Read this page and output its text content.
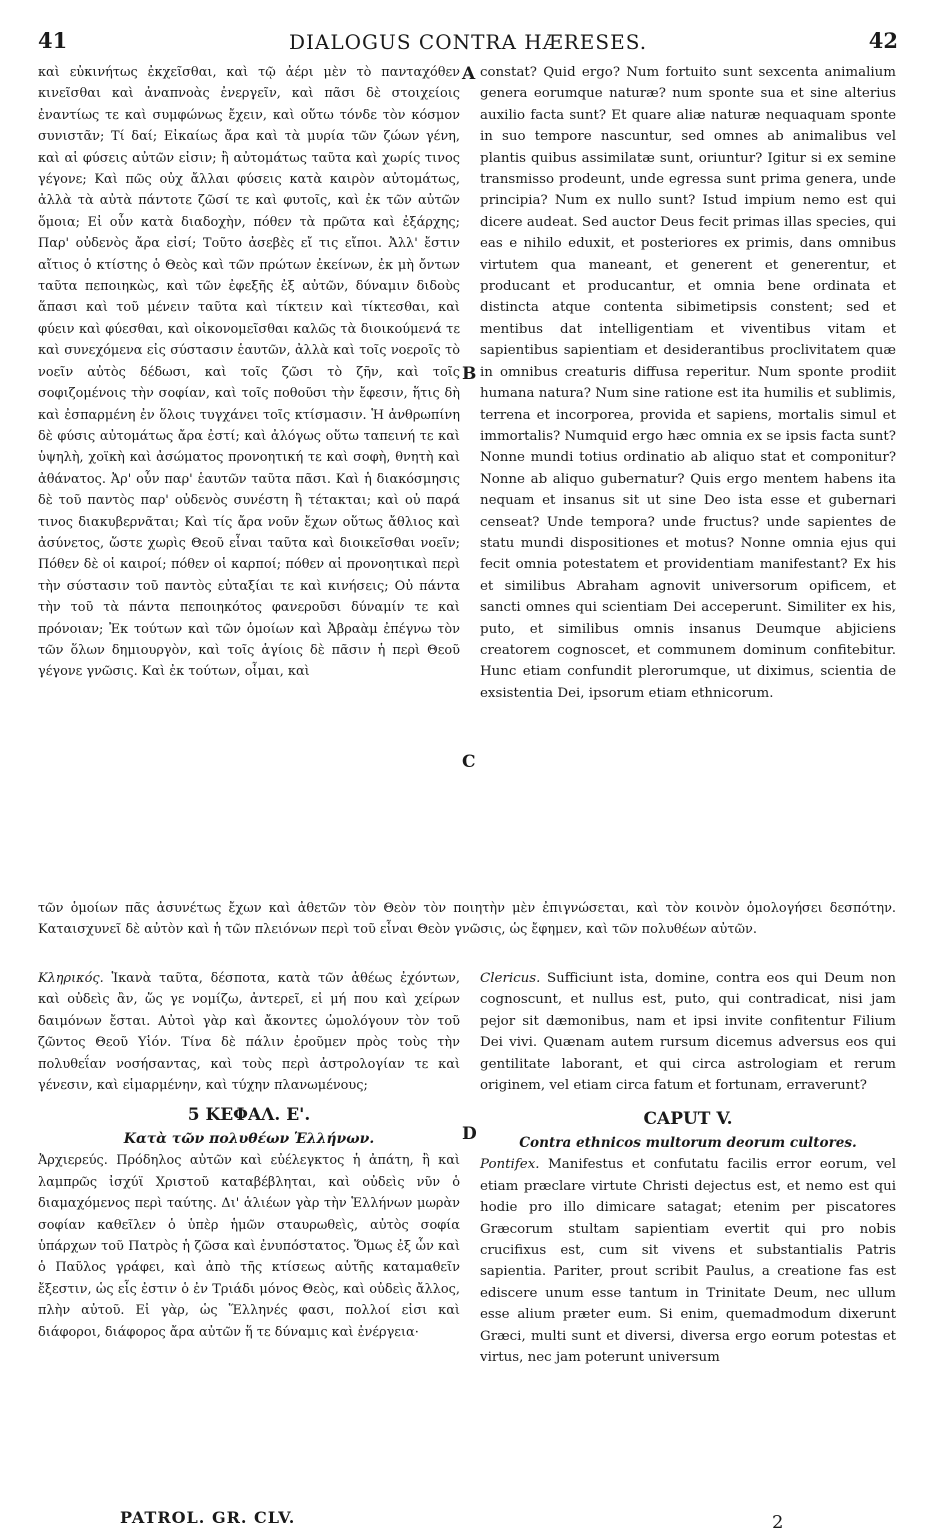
41	DIALOGUS CONTRA HÆRESES.	42

καὶ εὐκινήτως ἐκχεῖσθαι, καὶ τῷ ἀέρι μὲν τὸ πανταχόθεν κινεῖσθαι καὶ ἀναπνοὰς ἐνεργεῖν, καὶ πᾶσι δὲ στοιχείοις ἐναντίως τε καὶ συμφώνως ἔχειν, καὶ οὕτω τόνδε τὸν κόσμον συνιστᾶν; Τί δαί; Εἰκαίως ἄρα καὶ τὰ μυρία τῶν ζώων γένη, καὶ αἱ φύσεις αὐτῶν εἰσιν; ἢ αὐτομάτως ταῦτα καὶ χωρίς τινος γέγονε; Καὶ πῶς οὐχ ἄλλαι φύσεις κατὰ καιρὸν αὐτομάτως, ἀλλὰ τὰ αὐτὰ πάντοτε ζῶσί τε καὶ φυτοῖς, καὶ ἐκ τῶν αὐτῶν ὅμοια; Εἰ οὖν κατὰ διαδοχὴν, πόθεν τὰ πρῶτα καὶ ἐξάρχης; Παρ' οὐδενὸς ἄρα εἰσί; Τοῦτο ἀσεβὲς εἴ τις εἴποι. Ἀλλ' ἔστιν αἴτιος ὁ κτίστης ὁ Θεὸς καὶ τῶν πρώτων ἐκείνων, ἐκ μὴ ὄντων ταῦτα πεποιηκὼς, καὶ τῶν ἐφεξῆς ἐξ αὐτῶν, δύναμιν διδοὺς ἅπασι καὶ τοῦ μένειν ταῦτα καὶ τίκτειν καὶ τίκτεσθαι, καὶ φύειν καὶ φύεσθαι, καὶ οἰκονομεῖσθαι καλῶς τὰ διοικούμενά τε καὶ συνεχόμενα εἰς σύστασιν ἑαυτῶν, ἀλλὰ καὶ τοῖς νοεροῖς τὸ νοεῖν αὐτὸς δέδωσι, καὶ τοῖς ζῶσι τὸ ζῆν, καὶ τοῖς σοφιζομένοις τὴν σοφίαν, καὶ τοῖς ποθοῦσι τὴν ἔφεσιν, ἥτις δὴ καὶ ἐσπαρμένη ἐν ὅλοις τυγχάνει τοῖς κτίσμασιν. Ἡ ἀνθρωπίνη δὲ φύσις αὐτομάτως ἄρα ἐστί; καὶ ἀλόγως οὕτω ταπεινή τε καὶ ὑψηλὴ, χοϊκὴ καὶ ἀσώματος προνοητική τε καὶ σοφὴ, θνητὴ καὶ ἀθάνατος. Ἀρ' οὖν παρ' ἑαυτῶν ταῦτα πᾶσι. Καὶ ἡ διακόσμησις δὲ τοῦ παντὸς παρ' οὐδενὸς συνέστη ἢ τέτακται; καὶ οὐ παρά τινος διακυβερνᾶται; Καὶ τίς ἄρα νοῦν ἔχων οὕτως ἄθλιος καὶ ἀσύνετος, ὥστε χωρὶς Θεοῦ εἶναι ταῦτα καὶ διοικεῖσθαι νοεῖν; Πόθεν δὲ οἱ καιροί; πόθεν οἱ καρποί; πόθεν αἱ προνοητικαὶ περὶ τὴν σύστασιν τοῦ παντὸς εὐταξίαι τε καὶ κινήσεις; Οὐ πάντα τὴν τοῦ τὰ πάντα πεποιηκότος φανεροῦσι δύναμίν τε καὶ πρόνοιαν; Ἐκ τούτων καὶ τῶν ὁμοίων καὶ Ἀβραὰμ ἐπέγνω τὸν τῶν ὅλων δημιουργὸν, καὶ τοῖς ἁγίοις δὲ πᾶσιν ἡ περὶ Θεοῦ γέγονε γνῶσις. Καὶ ἐκ τούτων, οἶμαι, καὶ

constat? Quid ergo? Num fortuito sunt sexcenta animalium genera eorumque naturæ? num sponte sua et sine alterius auxilio facta sunt? Et quare aliæ naturæ nequaquam sponte in suo tempore nascuntur, sed omnes ab animalibus vel plantis quibus assimilatæ sunt, oriuntur? Igitur si ex semine transmisso prodeunt, unde egressa sunt prima genera, unde principia? Num ex nullo sunt? Istud impium nemo est qui dicere audeat. Sed auctor Deus fecit primas illas species, qui eas e nihilo eduxit, et posteriores ex primis, dans omnibus virtutem qua maneant, et generent et generentur, et producant et producantur, et omnia bene ordinata et distincta atque contenta sibimetipsis constent; sed et mentibus dat intelligentiam et viventibus vitam et sapientibus sapientiam et desiderantibus proclivitatem quæ in omnibus creaturis diffusa reperitur. Num sponte prodiit humana natura? Num sine ratione est ita humilis et sublimis, terrena et incorporea, provida et sapiens, mortalis simul et immortalis? Numquid ergo hæc omnia ex se ipsis facta sunt? Nonne mundi totius ordinatio ab aliquo stat et componitur? Nonne ab aliquo gubernatur? Quis ergo mentem habens ita nequam et insanus sit ut sine Deo ista esse et gubernari censeat? Unde tempora? unde fructus? unde sapientes de statu mundi dispositiones et motus? Nonne omnia ejus qui fecit omnia potestatem et providentiam manifestant? Ex his et similibus Abraham agnovit universorum opificem, et sancti omnes qui scientiam Dei acceperunt. Similiter ex his, puto, et similibus omnis insanus Deumque abjiciens creatorem cognoscet, et communem dominum confitebitur. Hunc etiam confundit plerorumque, ut diximus, scientia de exsistentia Dei, ipsorum etiam ethnicorum.

τῶν ὁμοίων πᾶς ἀσυνέτως ἔχων καὶ ἀθετῶν τὸν Θεὸν τὸν ποιητὴν μὲν ἐπιγνώσεται, καὶ τὸν κοινὸν ὁμολογήσει δεσπότην. Καταισχυνεῖ δὲ αὐτὸν καὶ ἡ τῶν πλειόνων περὶ τοῦ εἶναι Θεὸν γνῶσις, ὡς ἔφημεν, καὶ τῶν πολυθέων αὐτῶν.

Κληρικός. Ἱκανὰ ταῦτα, δέσποτα, κατὰ τῶν ἀθέως ἐχόντων, καὶ οὐδεὶς ἂν, ὥς γε νομίζω, ἀντερεῖ, εἰ μή που καὶ χείρων δαιμόνων ἔσται. Αὐτοὶ γὰρ καὶ ἄκοντες ὡμολόγουν τὸν τοῦ ζῶντος Θεοῦ Υἱόν. Τίνα δὲ πάλιν ἐροῦμεν πρὸς τοὺς τὴν πολυθεΐαν νοσήσαντας, καὶ τοὺς περὶ ἀστρολογίαν τε καὶ γένεσιν, καὶ εἱμαρμένην, καὶ τύχην πλανωμένους;

5 ΚΕΦΑΛ. Ε'.
Κατὰ τῶν πολυθέων Ἑλλήνων.

Ἀρχιερεύς. Πρόδηλος αὐτῶν καὶ εὐέλεγκτος ἡ ἀπάτη, ἢ καὶ λαμπρῶς ἰσχύϊ Χριστοῦ καταβέβληται, καὶ οὐδεὶς νῦν ὁ διαμαχόμενος περὶ ταύτης. Δι' ἁλιέων γὰρ τὴν Ἑλλήνων μωρὰν σοφίαν καθεῖλεν ὁ ὑπὲρ ἡμῶν σταυρωθεὶς, αὐτὸς σοφία ὑπάρχων τοῦ Πατρὸς ἡ ζῶσα καὶ ἐνυπόστατος. Ὅμως ἐξ ὧν καὶ ὁ Παῦλος γράφει, καὶ ἀπὸ τῆς κτίσεως αὐτῆς καταμαθεῖν ἔξεστιν, ὡς εἷς ἐστιν ὁ ἐν Τριάδι μόνος Θεὸς, καὶ οὐδεὶς ἄλλος, πλὴν αὐτοῦ. Εἰ γὰρ, ὡς Ἕλληνές φασι, πολλοί εἰσι καὶ διάφοροι, διάφορος ἄρα αὐτῶν ἥ τε δύναμις καὶ ἐνέργεια·

Clericus. Sufficiunt ista, domine, contra eos qui Deum non cognoscunt, et nullus est, puto, qui contradicat, nisi jam pejor sit dæmonibus, nam et ipsi invite confitentur Filium Dei vivi. Quænam autem rursum dicemus adversus eos qui gentilitate laborant, et qui circa astrologiam et rerum originem, vel etiam circa fatum et fortunam, erraverunt?

CAPUT V.
Contra ethnicos multorum deorum cultores.

Pontifex. Manifestus et confutatu facilis error eorum, vel etiam præclare virtute Christi dejectus est, et nemo est qui hodie pro illo dimicare satagat; etenim per piscatores Græcorum stultam sapientiam evertit qui pro nobis crucifixus est, cum sit vivens et substantialis Patris sapientia. Pariter, prout scribit Paulus, a creatione fas est ediscere unum esse tantum in Trinitate Deum, nec ullum esse alium præter eum. Si enim, quemadmodum dixerunt Græci, multi sunt et diversi, diversa ergo eorum potestas et virtus, nec jam poterunt universum

A
B
C
D
PATROL. GR. CLV.	2
